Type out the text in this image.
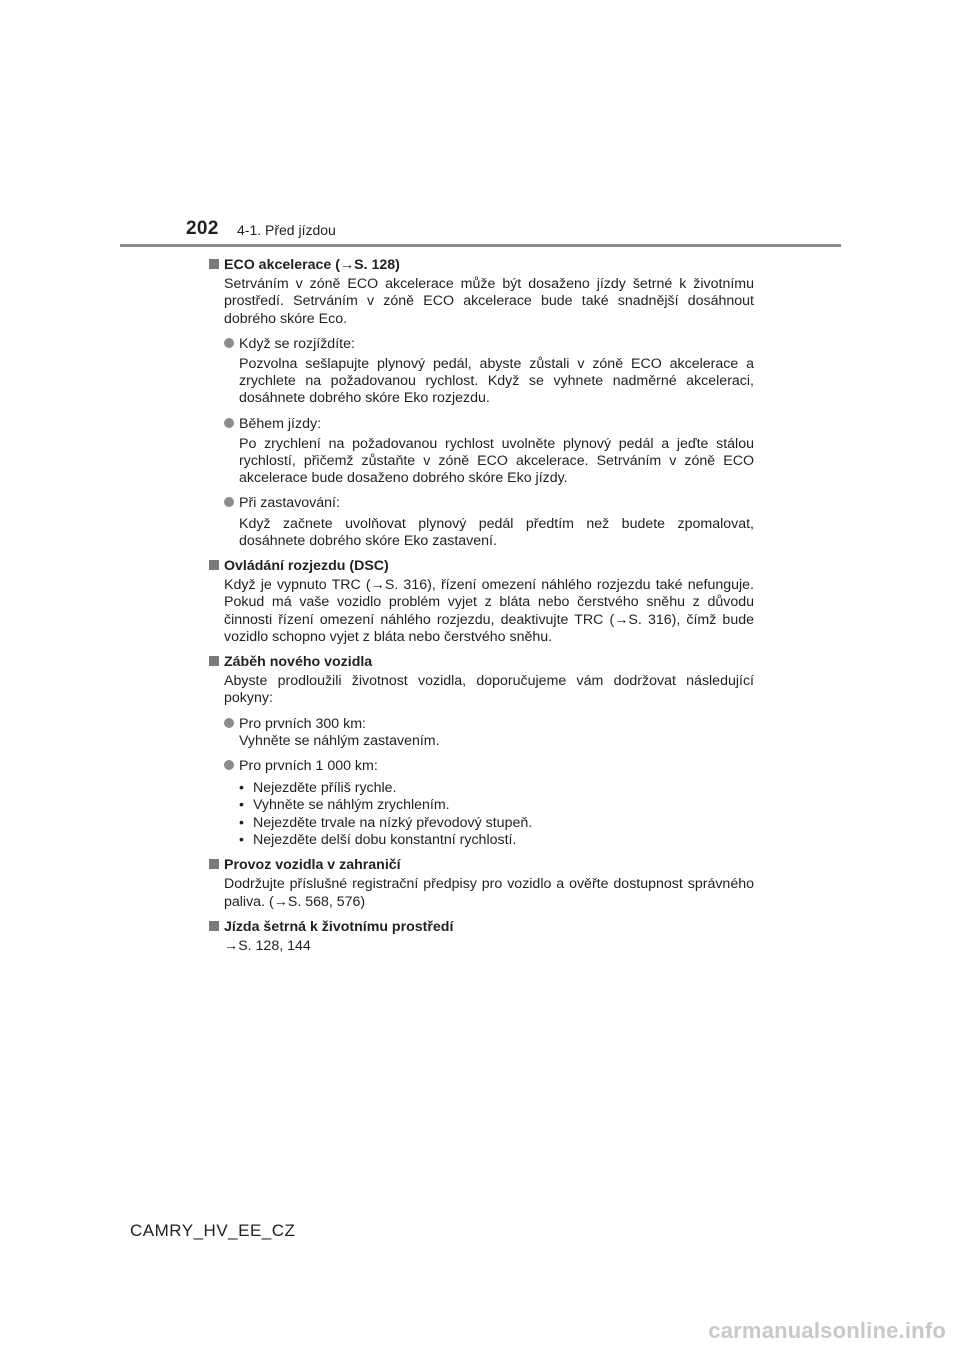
202 4-1. Před jízdou
ECO akcelerace (→S. 128)
Setrváním v zóně ECO akcelerace může být dosaženo jízdy šetrné k životnímu prostředí. Setrváním v zóně ECO akcelerace bude také snadnější dosáhnout dobrého skóre Eco.
Když se rozjíždíte:
Pozvolna sešlapujte plynový pedál, abyste zůstali v zóně ECO akcelerace a zrychlete na požadovanou rychlost. Když se vyhnete nadměrné akceleraci, dosáhnete dobrého skóre Eko rozjezdu.
Během jízdy:
Po zrychlení na požadovanou rychlost uvolněte plynový pedál a jeďte stálou rychlostí, přičemž zůstaňte v zóně ECO akcelerace. Setrváním v zóně ECO akcelerace bude dosaženo dobrého skóre Eko jízdy.
Při zastavování:
Když začnete uvolňovat plynový pedál předtím než budete zpomalovat, dosáhnete dobrého skóre Eko zastavení.
Ovládání rozjezdu (DSC)
Když je vypnuto TRC (→S. 316), řízení omezení náhlého rozjezdu také nefunguje. Pokud má vaše vozidlo problém vyjet z bláta nebo čerstvého sněhu z důvodu činnosti řízení omezení náhlého rozjezdu, deaktivujte TRC (→S. 316), čímž bude vozidlo schopno vyjet z bláta nebo čerstvého sněhu.
Záběh nového vozidla
Abyste prodloužili životnost vozidla, doporučujeme vám dodržovat následující pokyny:
Pro prvních 300 km:
Vyhněte se náhlým zastavením.
Pro prvních 1 000 km:
• Nejezděte příliš rychle.
• Vyhněte se náhlým zrychlením.
• Nejezděte trvale na nízký převodový stupeň.
• Nejezděte delší dobu konstantní rychlostí.
Provoz vozidla v zahraničí
Dodržujte příslušné registrační předpisy pro vozidlo a ověřte dostupnost správného paliva. (→S. 568, 576)
Jízda šetrná k životnímu prostředí
→S. 128, 144
CAMRY_HV_EE_CZ
carmanualsonline.info
